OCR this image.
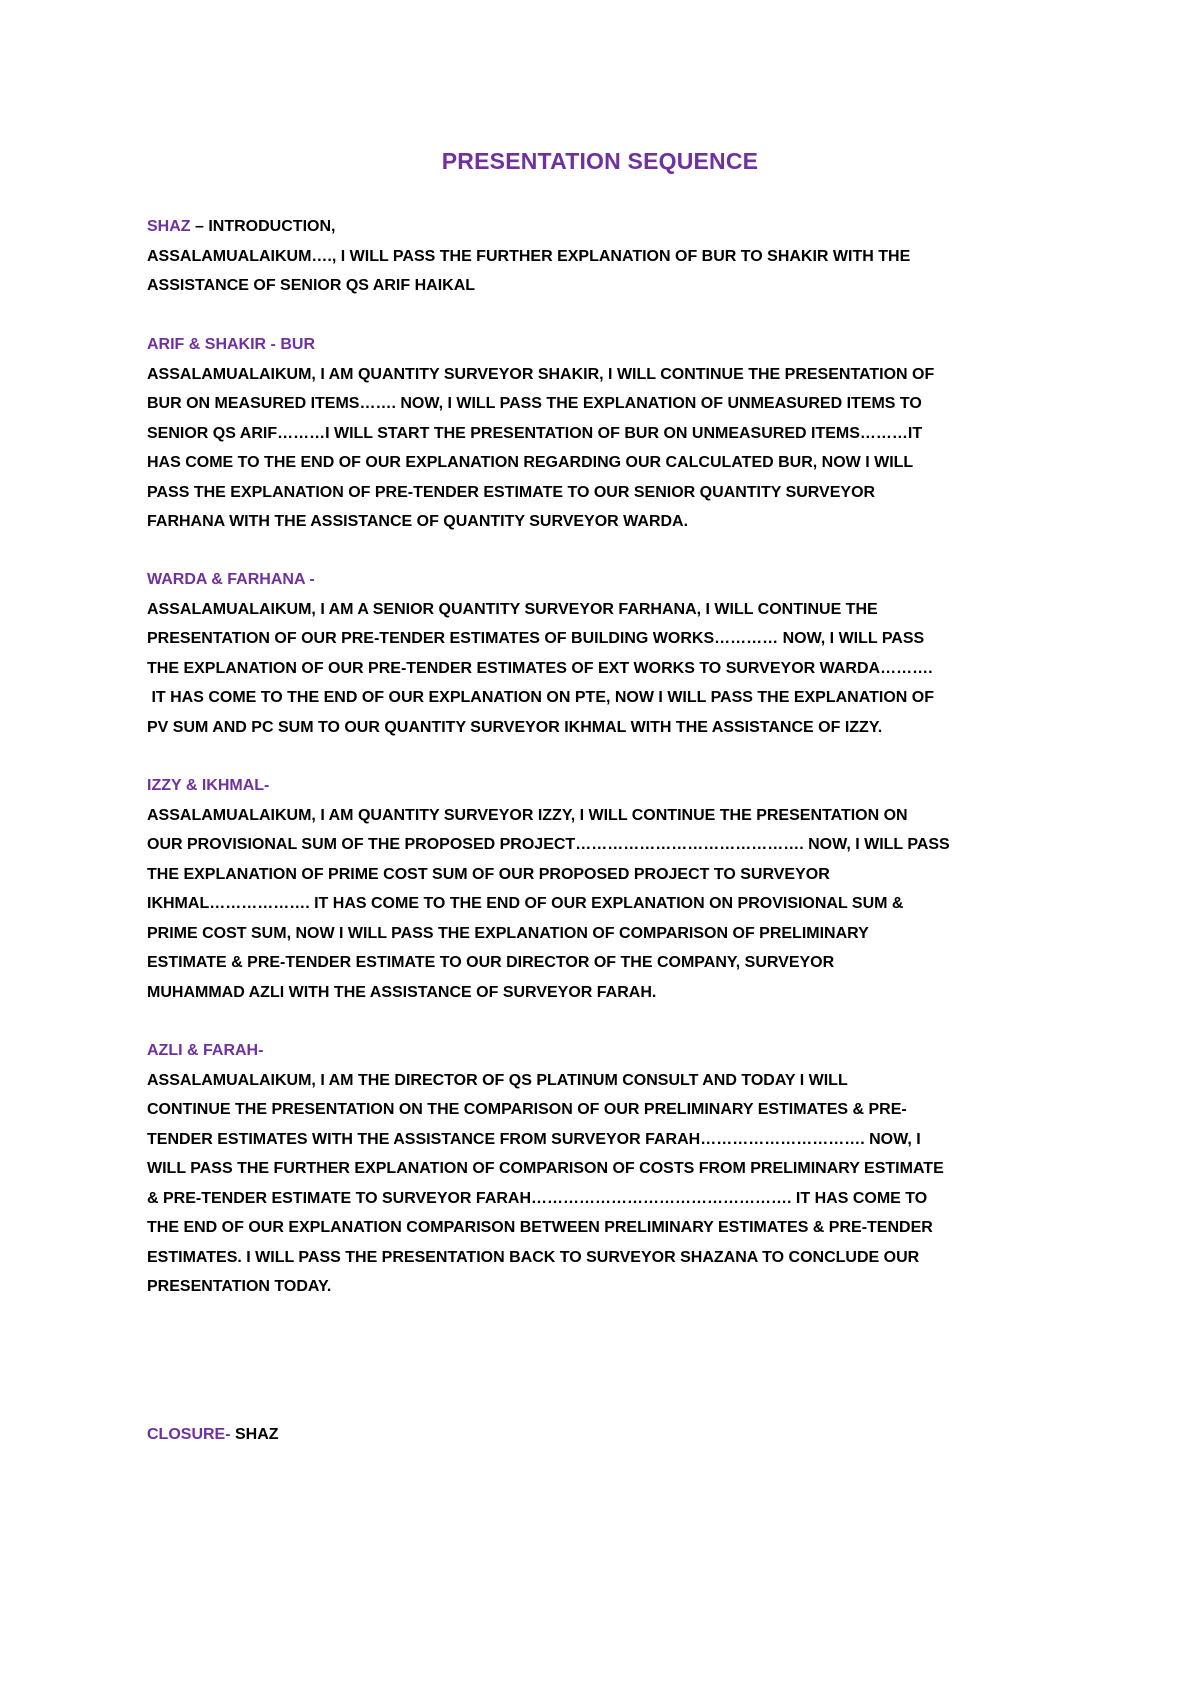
PRESENTATION SEQUENCE
SHAZ – INTRODUCTION,
ASSALAMUALAIKUM…., I WILL PASS THE FURTHER EXPLANATION OF BUR TO SHAKIR WITH THE
ASSISTANCE OF SENIOR QS ARIF HAIKAL
ARIF & SHAKIR - BUR
ASSALAMUALAIKUM, I AM QUANTITY SURVEYOR SHAKIR, I WILL CONTINUE THE PRESENTATION OF
BUR ON MEASURED ITEMS……. NOW, I WILL PASS THE EXPLANATION OF UNMEASURED ITEMS TO
SENIOR QS ARIF………I WILL START THE PRESENTATION OF BUR ON UNMEASURED ITEMS………IT
HAS COME TO THE END OF OUR EXPLANATION REGARDING OUR CALCULATED BUR, NOW I WILL
PASS THE EXPLANATION OF PRE-TENDER ESTIMATE TO OUR SENIOR QUANTITY SURVEYOR
FARHANA WITH THE ASSISTANCE OF QUANTITY SURVEYOR WARDA.
WARDA & FARHANA -
ASSALAMUALAIKUM, I AM A SENIOR QUANTITY SURVEYOR FARHANA, I WILL CONTINUE THE
PRESENTATION OF OUR PRE-TENDER ESTIMATES OF BUILDING WORKS………… NOW, I WILL PASS
THE EXPLANATION OF OUR PRE-TENDER ESTIMATES OF EXT WORKS TO SURVEYOR WARDA……….
IT HAS COME TO THE END OF OUR EXPLANATION ON PTE, NOW I WILL PASS THE EXPLANATION OF
PV SUM AND PC SUM TO OUR QUANTITY SURVEYOR IKHMAL WITH THE ASSISTANCE OF IZZY.
IZZY & IKHMAL-
ASSALAMUALAIKUM, I AM QUANTITY SURVEYOR IZZY, I WILL CONTINUE THE PRESENTATION ON
OUR PROVISIONAL SUM OF THE PROPOSED PROJECT……………………………………. NOW, I WILL PASS
THE EXPLANATION OF PRIME COST SUM OF OUR PROPOSED PROJECT TO SURVEYOR
IKHMAL………………. IT HAS COME TO THE END OF OUR EXPLANATION ON PROVISIONAL SUM &
PRIME COST SUM, NOW I WILL PASS THE EXPLANATION OF COMPARISON OF PRELIMINARY
ESTIMATE & PRE-TENDER ESTIMATE TO OUR DIRECTOR OF THE COMPANY, SURVEYOR
MUHAMMAD AZLI WITH THE ASSISTANCE OF SURVEYOR FARAH.
AZLI & FARAH-
ASSALAMUALAIKUM, I AM THE DIRECTOR OF QS PLATINUM CONSULT AND TODAY I WILL
CONTINUE THE PRESENTATION ON THE COMPARISON OF OUR PRELIMINARY ESTIMATES & PRE-
TENDER ESTIMATES WITH THE ASSISTANCE FROM SURVEYOR FARAH…………………………. NOW, I
WILL PASS THE FURTHER EXPLANATION OF COMPARISON OF COSTS FROM PRELIMINARY ESTIMATE
& PRE-TENDER ESTIMATE TO SURVEYOR FARAH…………………………………………. IT HAS COME TO
THE END OF OUR EXPLANATION COMPARISON BETWEEN PRELIMINARY ESTIMATES & PRE-TENDER
ESTIMATES. I WILL PASS THE PRESENTATION BACK TO SURVEYOR SHAZANA TO CONCLUDE OUR
PRESENTATION TODAY.
CLOSURE- SHAZ
